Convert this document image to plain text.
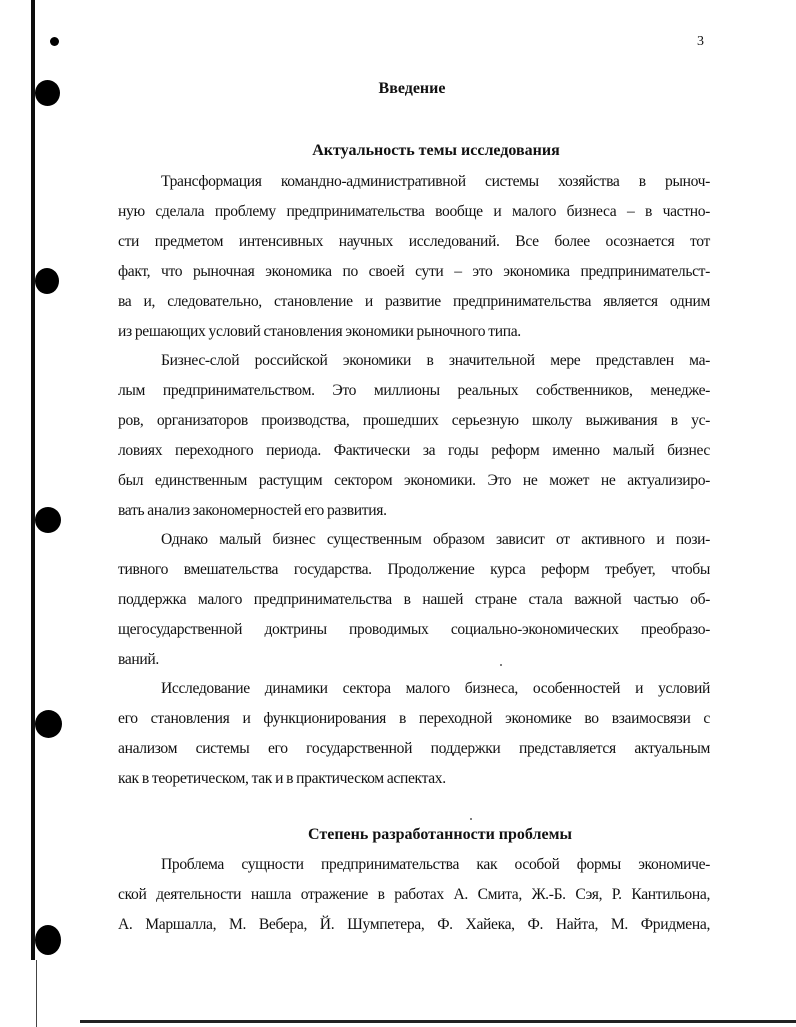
3
Введение
Актуальность темы исследования
Степень разработанности проблемы
Трансформация командно-административной системы хозяйства в рыноч-
ную сделала проблему предпринимательства вообще и малого бизнеса – в частно-
сти предметом интенсивных научных исследований. Все более осознается тот
факт, что рыночная экономика по своей сути – это экономика предпринимательст-
ва и, следовательно, становление и развитие предпринимательства является одним
из решающих условий становления экономики рыночного типа.
Бизнес-слой российской экономики в значительной мере представлен ма-
лым предпринимательством. Это миллионы реальных собственников, менедже-
ров, организаторов производства, прошедших серьезную школу выживания в ус-
ловиях переходного периода. Фактически за годы реформ именно малый бизнес
был единственным растущим сектором экономики. Это не может не актуализиро-
вать анализ закономерностей его развития.
Однако малый бизнес существенным образом зависит от активного и пози-
тивного вмешательства государства. Продолжение курса реформ требует, чтобы
поддержка малого предпринимательства в нашей стране стала важной частью об-
щегосударственной доктрины проводимых социально-экономических преобразо-
ваний.
Исследование динамики сектора малого бизнеса, особенностей и условий
его становления и функционирования в переходной экономике во взаимосвязи с
анализом системы его государственной поддержки представляется актуальным
как в теоретическом, так и в практическом аспектах.
Проблема сущности предпринимательства как особой формы экономиче-
ской деятельности нашла отражение в работах А. Смита, Ж.-Б. Сэя, Р. Кантильона,
А. Маршалла, М. Вебера, Й. Шумпетера, Ф. Хайека, Ф. Найта, М. Фридмена,
